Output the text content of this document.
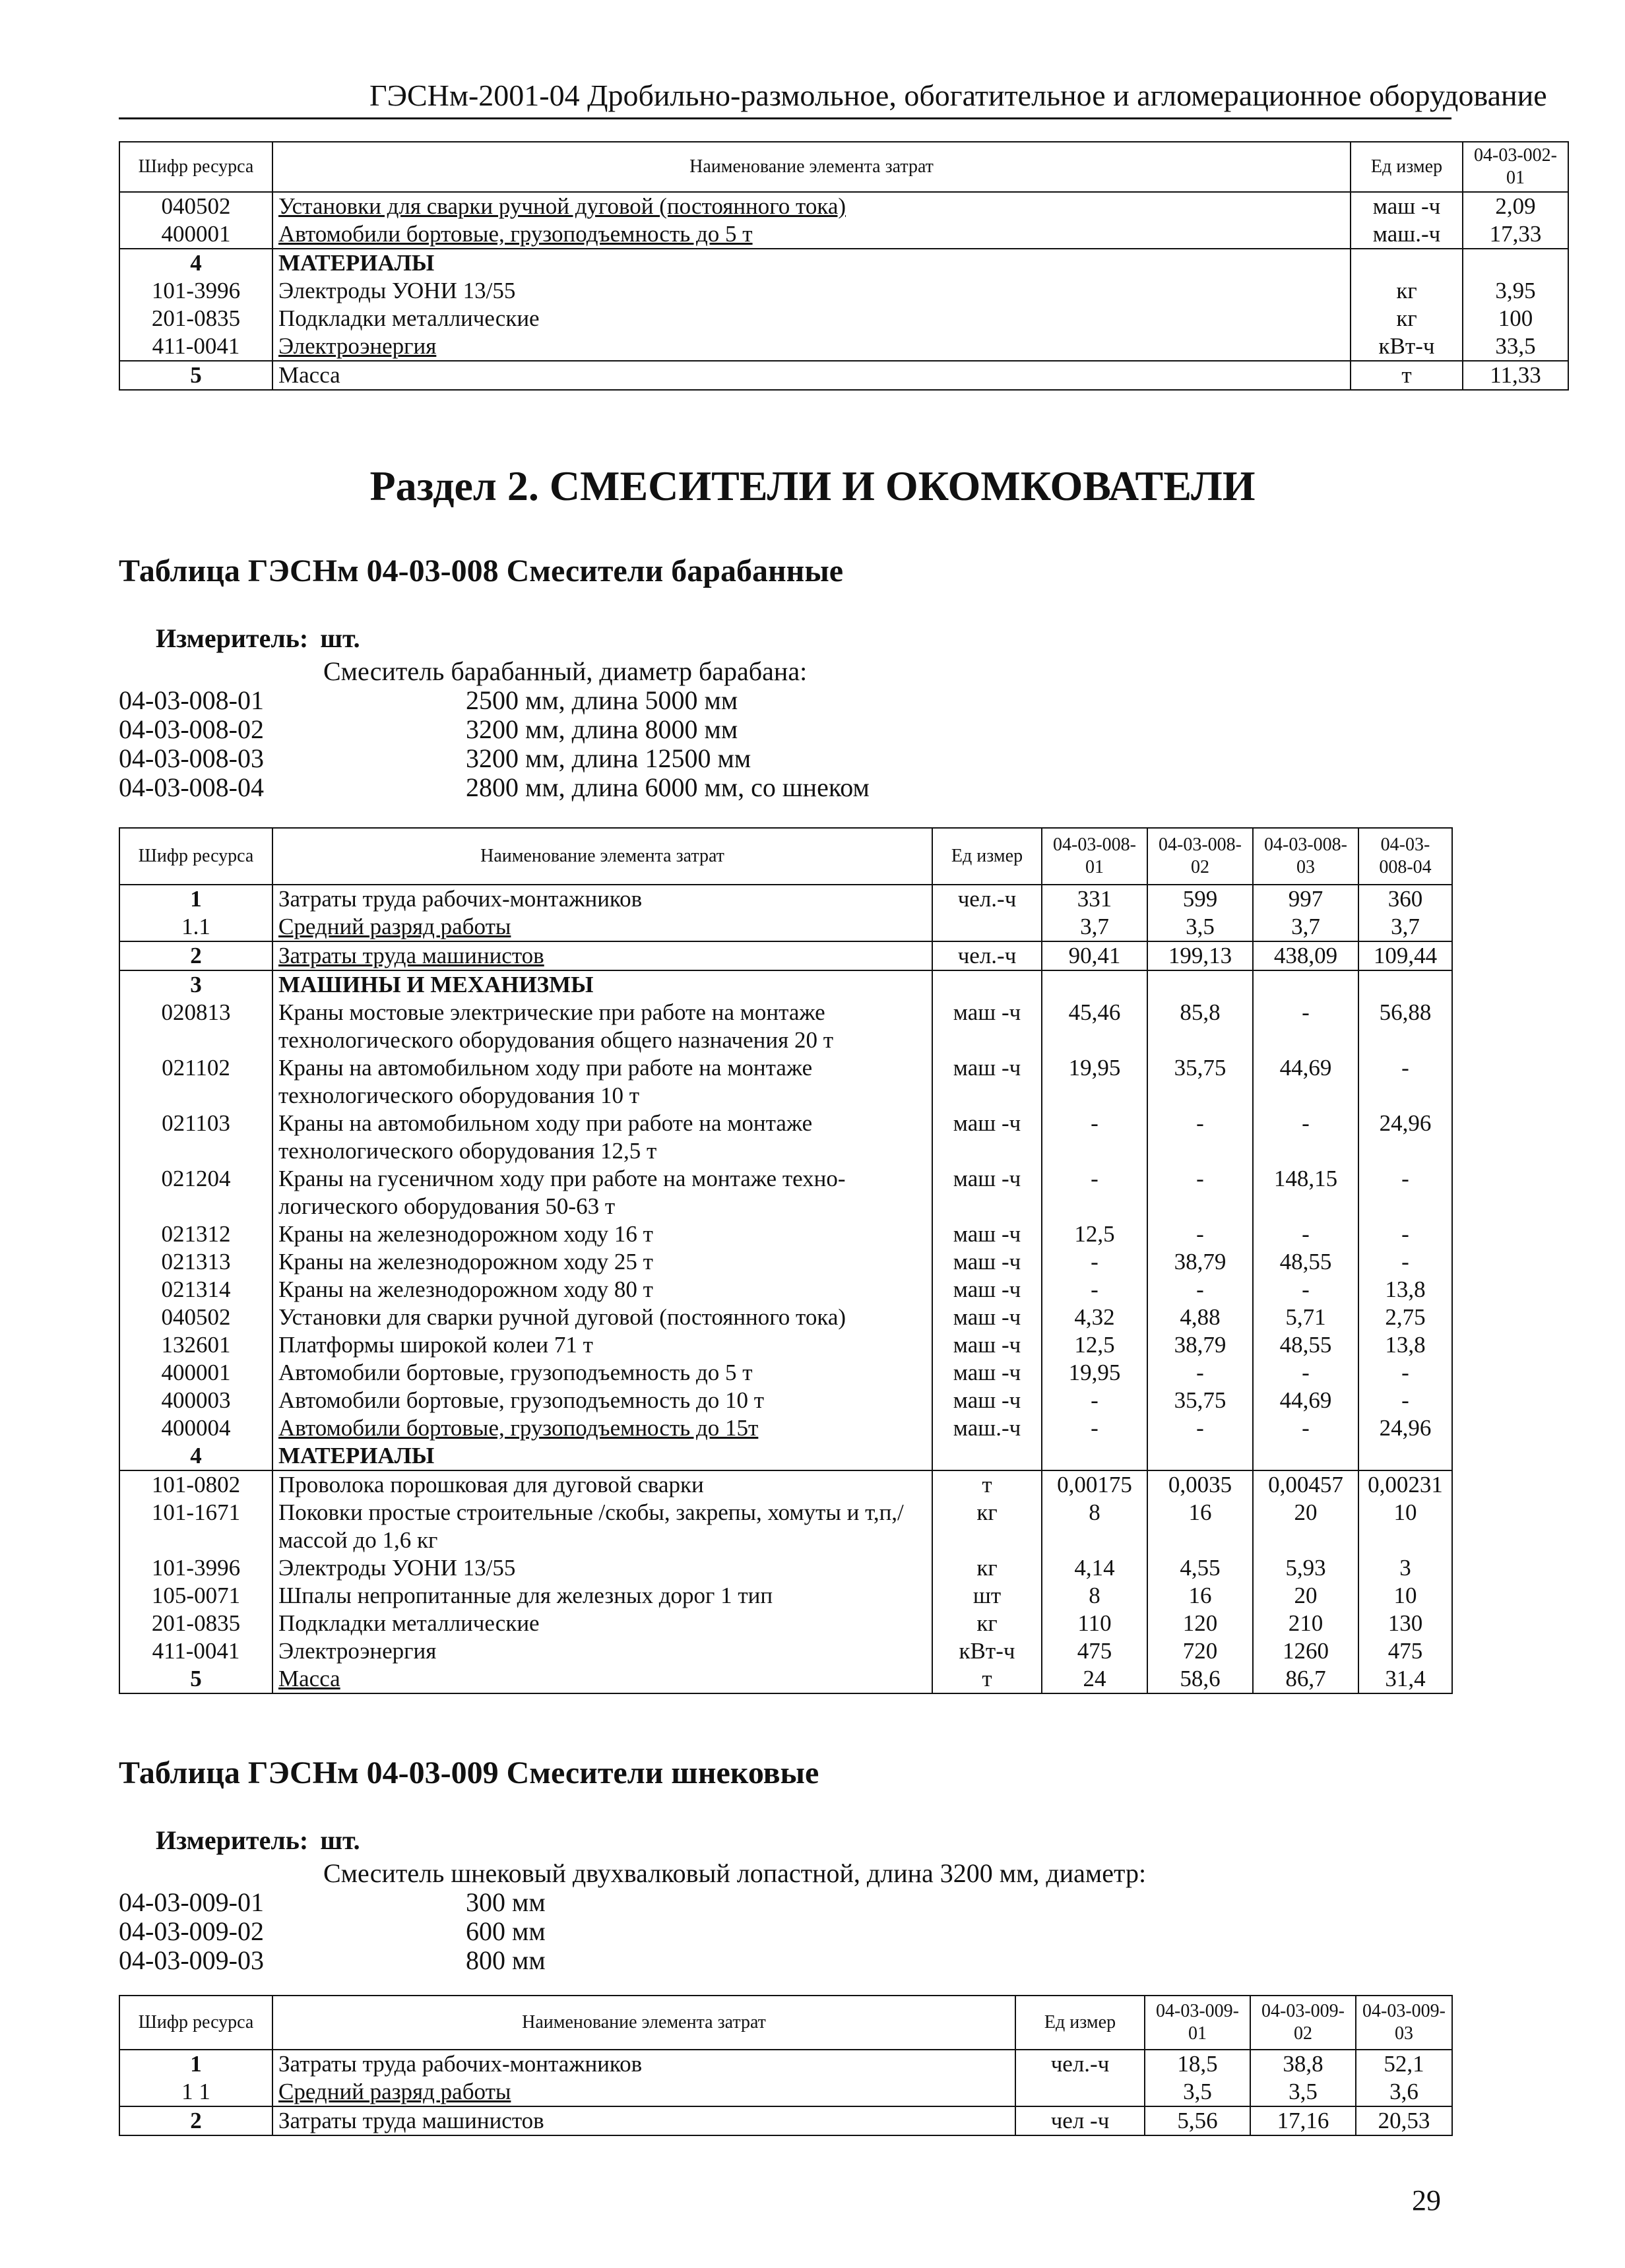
ГЭСНм-2001-04 Дробильно-размольное, обогатительное и агломерационное оборудование
Шифр ресурса	Наименование элемента затрат	Ед измер	04-03-002-01
040502	Установки для сварки ручной дуговой (постоянного тока)	маш -ч	2,09
400001	Автомобили бортовые, грузоподъемность до 5 т	маш.-ч	17,33
4	МАТЕРИАЛЫ		
101-3996	Электроды УОНИ 13/55	кг	3,95
201-0835	Подкладки металлические	кг	100
411-0041	Электроэнергия	кВт-ч	33,5
5	Масса	т	11,33
Раздел 2. СМЕСИТЕЛИ И ОКОМКОВАТЕЛИ
Таблица ГЭСНм 04-03-008 Смесители барабанные
Измеритель: шт.
Смеситель барабанный, диаметр барабана:
04-03-008-01	2500 мм, длина 5000 мм
04-03-008-02	3200 мм, длина 8000 мм
04-03-008-03	3200 мм, длина 12500 мм
04-03-008-04	2800 мм, длина 6000 мм, со шнеком
Шифр ресурса	Наименование элемента затрат	Ед измер	04-03-008-01	04-03-008-02	04-03-008-03	04-03-008-04
1	Затраты труда рабочих-монтажников	чел.-ч	331	599	997	360
1.1	Средний разряд работы		3,7	3,5	3,7	3,7
2	Затраты труда машинистов	чел.-ч	90,41	199,13	438,09	109,44
3	МАШИНЫ И МЕХАНИЗМЫ					
020813	Краны мостовые электрические при работе на монтаже технологического оборудования общего назначения 20 т	маш -ч	45,46	85,8	-	56,88
021102	Краны на автомобильном ходу при работе на монтаже технологического оборудования 10 т	маш -ч	19,95	35,75	44,69	-
021103	Краны на автомобильном ходу при работе на монтаже технологического оборудования 12,5 т	маш -ч	-	-	-	24,96
021204	Краны на гусеничном ходу при работе на монтаже техно-логического оборудования 50-63 т	маш -ч	-	-	148,15	-
021312	Краны на железнодорожном ходу 16 т	маш -ч	12,5	-	-	-
021313	Краны на железнодорожном ходу 25 т	маш -ч	-	38,79	48,55	-
021314	Краны на железнодорожном ходу 80 т	маш -ч	-	-	-	13,8
040502	Установки для сварки ручной дуговой (постоянного тока)	маш -ч	4,32	4,88	5,71	2,75
132601	Платформы широкой колеи 71 т	маш -ч	12,5	38,79	48,55	13,8
400001	Автомобили бортовые, грузоподъемность до 5 т	маш -ч	19,95	-	-	-
400003	Автомобили бортовые, грузоподъемность до 10 т	маш -ч	-	35,75	44,69	-
400004	Автомобили бортовые, грузоподъемность до 15т	маш.-ч	-	-	-	24,96
4	МАТЕРИАЛЫ					
101-0802	Проволока порошковая для дуговой сварки	т	0,00175	0,0035	0,00457	0,00231
101-1671	Поковки простые строительные /скобы, закрепы, хомуты и т,п,/ массой до 1,6 кг	кг	8	16	20	10
101-3996	Электроды УОНИ 13/55	кг	4,14	4,55	5,93	3
105-0071	Шпалы непропитанные для железных дорог 1 тип	шт	8	16	20	10
201-0835	Подкладки металлические	кг	110	120	210	130
411-0041	Электроэнергия	кВт-ч	475	720	1260	475
5	Масса	т	24	58,6	86,7	31,4
Таблица ГЭСНм 04-03-009 Смесители шнековые
Измеритель: шт.
Смеситель шнековый двухвалковый лопастной, длина 3200 мм, диаметр:
04-03-009-01	300 мм
04-03-009-02	600 мм
04-03-009-03	800 мм
Шифр ресурса	Наименование элемента затрат	Ед измер	04-03-009-01	04-03-009-02	04-03-009-03
1	Затраты труда рабочих-монтажников	чел.-ч	18,5	38,8	52,1
1 1	Средний разряд работы		3,5	3,5	3,6
2	Затраты труда машинистов	чел -ч	5,56	17,16	20,53
29
